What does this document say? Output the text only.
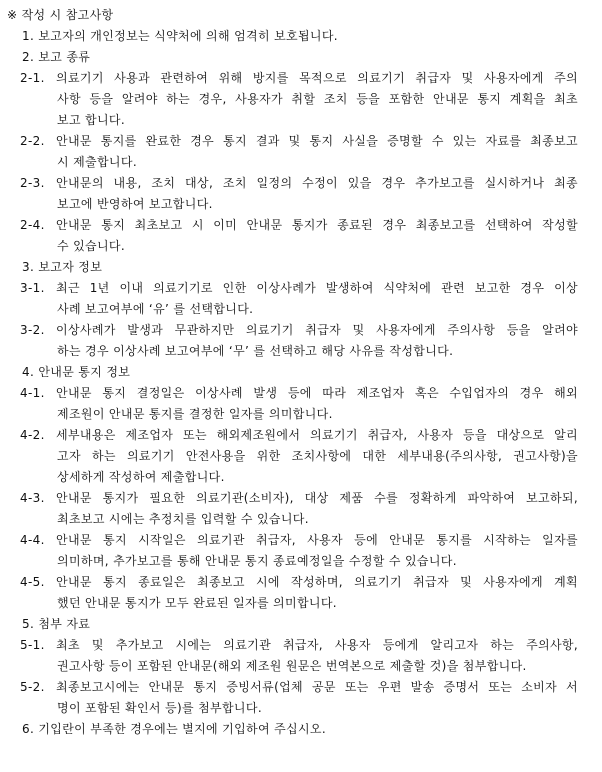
※ 작성 시 참고사항
1. 보고자의 개인정보는 식약처에 의해 엄격히 보호됩니다.
2. 보고 종류
2-1. 의료기기 사용과 관련하여 위해 방지를 목적으로 의료기기 취급자 및 사용자에게 주의
사항 등을 알려야 하는 경우, 사용자가 취할 조치 등을 포함한 안내문 통지 계획을 최초
보고 합니다.
2-2. 안내문 통지를 완료한 경우 통지 결과 및 통지 사실을 증명할 수 있는 자료를 최종보고
시 제출합니다.
2-3. 안내문의 내용, 조치 대상, 조치 일정의 수정이 있을 경우 추가보고를 실시하거나 최종
보고에 반영하여 보고합니다.
2-4. 안내문 통지 최초보고 시 이미 안내문 통지가 종료된 경우 최종보고를 선택하여 작성할
수 있습니다.
3. 보고자 정보
3-1. 최근 1년 이내 의료기기로 인한 이상사례가 발생하여 식약처에 관련 보고한 경우 이상
사례 보고여부에 ‘유’ 를 선택합니다.
3-2. 이상사례가 발생과 무관하지만 의료기기 취급자 및 사용자에게 주의사항 등을 알려야
하는 경우 이상사례 보고여부에 ‘무’ 를 선택하고 해당 사유를 작성합니다.
4. 안내문 통지 정보
4-1. 안내문 통지 결정일은 이상사례 발생 등에 따라 제조업자 혹은 수입업자의 경우 해외
제조원이 안내문 통지를 결정한 일자를 의미합니다.
4-2. 세부내용은 제조업자 또는 해외제조원에서 의료기기 취급자, 사용자 등을 대상으로 알리
고자 하는 의료기기 안전사용을 위한 조치사항에 대한 세부내용(주의사항, 권고사항)을
상세하게 작성하여 제출합니다.
4-3. 안내문 통지가 필요한 의료기관(소비자), 대상 제품 수를 정확하게 파악하여 보고하되,
최초보고 시에는 추정치를 입력할 수 있습니다.
4-4. 안내문 통지 시작일은 의료기관 취급자, 사용자 등에 안내문 통지를 시작하는 일자를
의미하며, 추가보고를 통해 안내문 통지 종료예정일을 수정할 수 있습니다.
4-5. 안내문 통지 종료일은 최종보고 시에 작성하며, 의료기기 취급자 및 사용자에게 계획
했던 안내문 통지가 모두 완료된 일자를 의미합니다.
5. 첨부 자료
5-1. 최초 및 추가보고 시에는 의료기관 취급자, 사용자 등에게 알리고자 하는 주의사항,
권고사항 등이 포함된 안내문(해외 제조원 원문은 번역본으로 제출할 것)을 첨부합니다.
5-2. 최종보고시에는 안내문 통지 증빙서류(업체 공문 또는 우편 발송 증명서 또는 소비자 서
명이 포함된 확인서 등)를 첨부합니다.
6. 기입란이 부족한 경우에는 별지에 기입하여 주십시오.
